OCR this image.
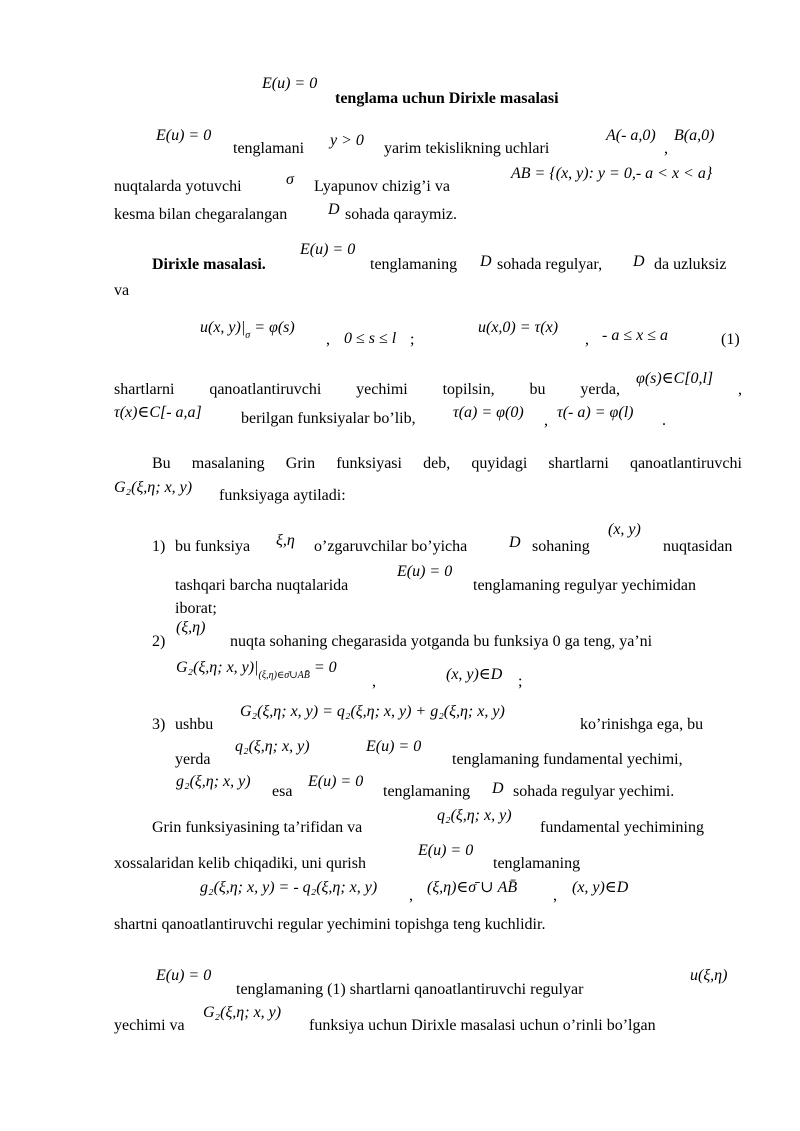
E(u) = 0
tenglama uchun Dirixle masalasi
E(u) = 0
tenglamani y > 0 yarim tekislikning uchlari
A(- a,0)
,
B(a,0)
nuqtalarda yotuvchi	σ Lyapunov chizig’i va
AB = {(x, y): y = 0,- a < x < a}
kesma bilan chegaralangan	D sohada qaraymiz.
Dirixle masalasi.
E(u) = 0
tenglamaning D sohada regulyar, D da uzluksiz
va
u(x, $y)|_\sigma = \varphi(s)$
, 0 ≤ s ≤ l ;
u(x,0) = τ(x)
, - a ≤ x ≤ a	(1)
shartlarni qanoatlantiruvchi yechimi topilsin, bu yerda,
φ(s)∈C[0,l]
,
τ(x)∈C[- a,a] berilgan funksiyalar bo’lib, τ(a) = φ(0) , τ(- a) = φ(l) .
Bu masalaning Grin funksiyasi deb, quyidagi shartlarni qanoatlantiruvchi
G₂(ξ,η; x, y) funksiyaga aytiladi:
1) bu funksiya ξ,η o’zgaruvchilar bo’yicha	D sohaning
(x, y)
nuqtasidan
tashqari barcha nuqtalarida
E(u) = 0
tenglamaning regulyar yechimidan
iborat;
2)
(ξ,η)
nuqta sohaning chegarasida yotganda bu funksiya 0 ga teng, ya’ni
G₂(ξ,η; x, $y)|_{(\xi,\eta)\in\sigmā\cup AB̄} = 0$
,	(x, y)∈D ;
3) ushbu
G₂(ξ,η; x, y) = q₂(ξ,η; x, y) + g₂(ξ,η; x, y)
ko’rinishga ega, bu
yerda
q₂(ξ,η; x, y)	E(u) = 0
tenglamaning fundamental yechimi,
g₂(ξ,η; x, y)
esa
E(u) = 0
tenglamaning D sohada regulyar yechimi.
Grin funksiyasining ta’rifidan va
q₂(ξ,η; x, y)
fundamental yechimining
xossalaridan kelib chiqadiki, uni qurish
E(u) = 0
tenglamaning
g₂(ξ,η; x, y) = - q₂(ξ,η; x, y) , (ξ,η)∈σ̄ ∪ AB̄ , (x, y)∈D
shartni qanoatlantiruvchi regular yechimini topishga teng kuchlidir.
E(u) = 0
tenglamaning (1) shartlarni qanoatlantiruvchi regulyar
u(ξ,η)
yechimi va
G₂(ξ,η; x, y)
funksiya uchun Dirixle masalasi uchun o’rinli bo’lgan
